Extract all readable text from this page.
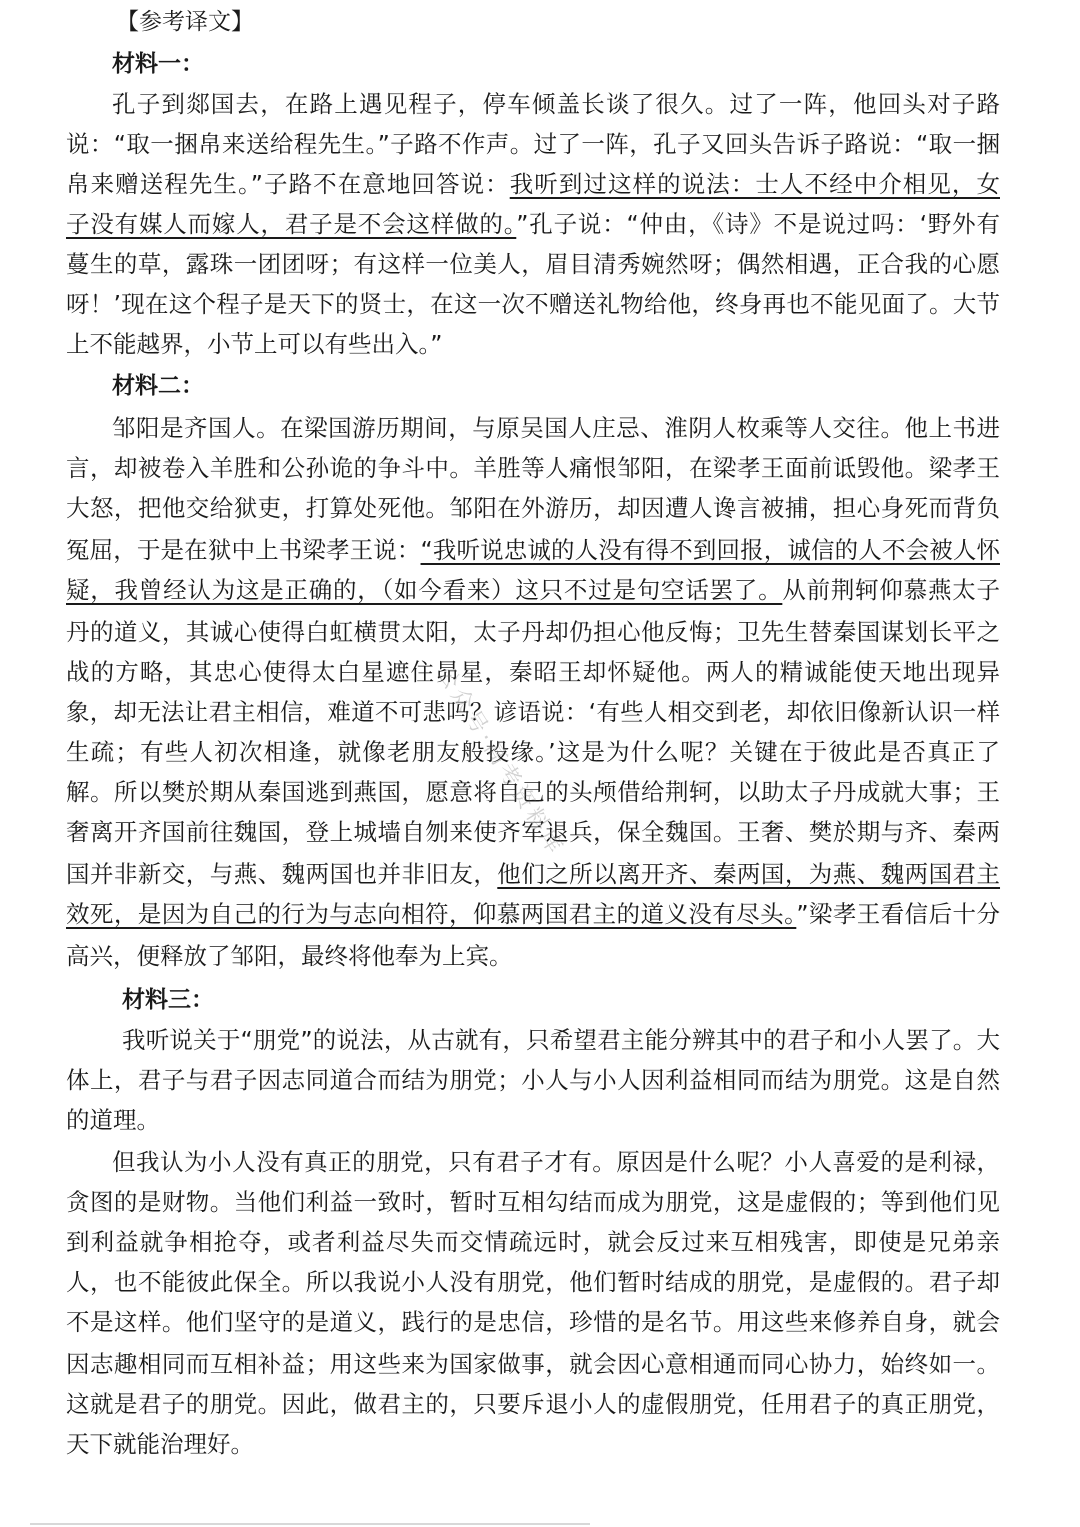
【参考译文】
材料一：
孔子到郯国去，在路上遇见程子，停车倾盖长谈了很久。过了一阵，他回头对子路
说：“取一捆帛来送给程先生。”子路不作声。过了一阵，孔子又回头告诉子路说：“取一捆
帛来赠送程先生。”子路不在意地回答说：我听到过这样的说法：士人不经中介相见，女
子没有媒人而嫁人，君子是不会这样做的。”孔子说：“仲由，《诗》不是说过吗：‘野外有
蔓生的草，露珠一团团呀；有这样一位美人，眉目清秀婉然呀；偶然相遇，正合我的心愿
呀！’现在这个程子是天下的贤士，在这一次不赠送礼物给他，终身再也不能见面了。大节
上不能越界，小节上可以有些出入。”
材料二：
邹阳是齐国人。在梁国游历期间，与原吴国人庄忌、淮阴人枚乘等人交往。他上书进
言，却被卷入羊胜和公孙诡的争斗中。羊胜等人痛恨邹阳，在梁孝王面前诋毁他。梁孝王
大怒，把他交给狱吏，打算处死他。邹阳在外游历，却因遭人谗言被捕，担心身死而背负
冤屈，于是在狱中上书梁孝王说：“我听说忠诚的人没有得不到回报，诚信的人不会被人怀
疑，我曾经认为这是正确的，（如今看来）这只不过是句空话罢了。从前荆轲仰慕燕太子
丹的道义，其诚心使得白虹横贯太阳，太子丹却仍担心他反悔；卫先生替秦国谋划长平之
战的方略，其忠心使得太白星遮住昴星，秦昭王却怀疑他。两人的精诚能使天地出现异
象，却无法让君主相信，难道不可悲吗？谚语说：‘有些人相交到老，却依旧像新认识一样
生疏；有些人初次相逢，就像老朋友般投缘。’这是为什么呢？关键在于彼此是否真正了
解。所以樊於期从秦国逃到燕国，愿意将自己的头颅借给荆轲，以助太子丹成就大事；王
奢离开齐国前往魏国，登上城墙自刎来使齐军退兵，保全魏国。王奢、樊於期与齐、秦两
国并非新交，与燕、魏两国也并非旧友，他们之所以离开齐、秦两国，为燕、魏两国君主
效死，是因为自己的行为与志向相符，仰慕两国君主的道义没有尽头。”梁孝王看信后十分
高兴，便释放了邹阳，最终将他奉为上宾。
材料三：
我听说关于“朋党”的说法，从古就有，只希望君主能分辨其中的君子和小人罢了。大
体上，君子与君子因志同道合而结为朋党；小人与小人因利益相同而结为朋党。这是自然
的道理。
但我认为小人没有真正的朋党，只有君子才有。原因是什么呢？小人喜爱的是利禄，
贪图的是财物。当他们利益一致时，暂时互相勾结而成为朋党，这是虚假的；等到他们见
到利益就争相抢夺，或者利益尽失而交情疏远时，就会反过来互相残害，即使是兄弟亲
人，也不能彼此保全。所以我说小人没有朋党，他们暂时结成的朋党，是虚假的。君子却
不是这样。他们坚守的是道义，践行的是忠信，珍惜的是名节。用这些来修养自身，就会
因志趣相同而互相补益；用这些来为国家做事，就会因心意相通而同心协力，始终如一。
这就是君子的朋党。因此，做君主的，只要斥退小人的虚假朋党，任用君子的真正朋党，
天下就能治理好。
公众号·高考资料库
